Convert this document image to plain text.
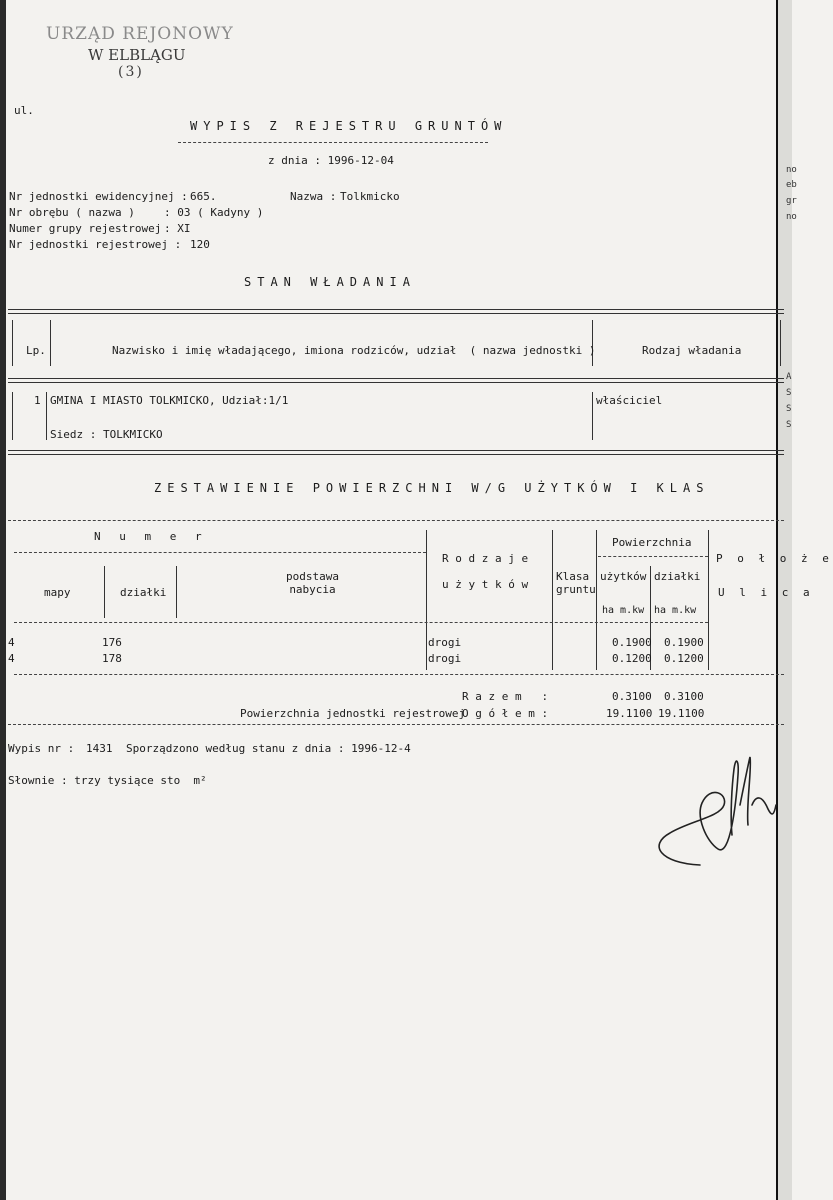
no
eb
gr
no
A
S
S
S
URZĄD REJONOWY
W ELBLĄGU
(3)
ul.
WYPIS Z REJESTRU GRUNTÓW
z dnia : 1996-12-04
Nr jednostki ewidencyjnej : 665.	Nazwa : Tolkmicko
Nr obrębu ( nazwa )	: 03 ( Kadyny )
Numer grupy rejestrowej : XI
Nr jednostki rejestrowej : 120
STAN WŁADANIA
Lp.	Nazwisko i imię władającego, imiona rodziców, udział  ( nazwa jednostki )	Rodzaj władania
1 GMINA I MIASTO TOLKMICKO, Udział:1/1	właściciel
Siedz : TOLKMICKO
ZESTAWIENIE POWIERZCHNI W/G UŻYTKÓW I KLAS
N u m e r
mapy	działki
podstawa
nabycia
R o d z a j e

u ż y t k ó w
Klasa
gruntu
Powierzchnia
użytków działki
ha m.kw ha m.kw
P o ł o ż e
U l i c a
4	176	drogi	0.1900 0.1900
4	178	drogi	0.1200 0.1200
R a z e m   :	0.3100 0.3100
Powierzchnia jednostki rejestrowej
O g ó ł e m :	19.1100 19.1100
Wypis nr : 1431 Sporządzono według stanu z dnia : 1996-12-4
Słownie : trzy tysiące sto  m²
